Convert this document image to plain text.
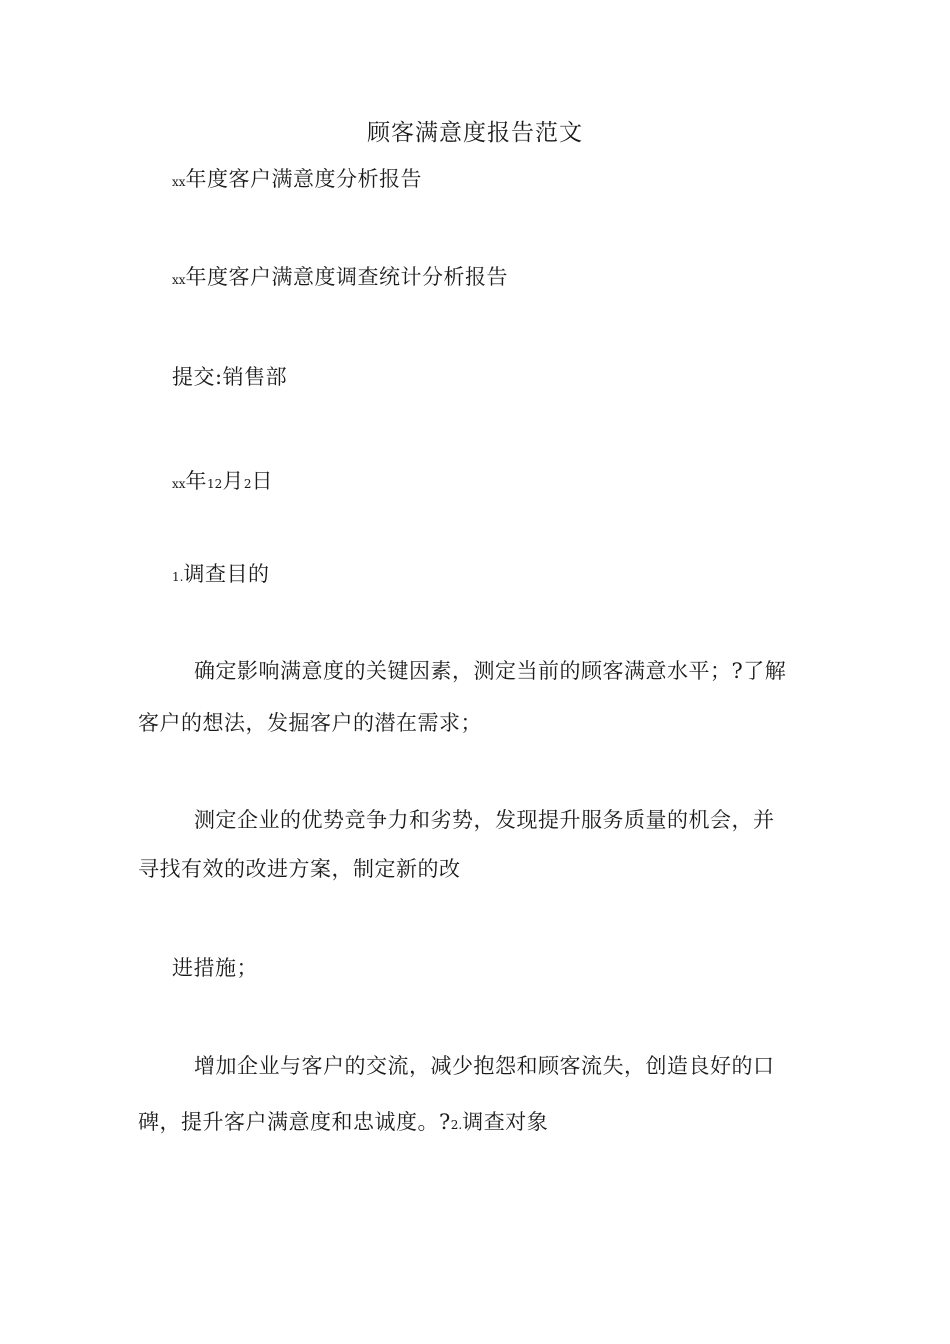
顾客满意度报告范文
xx年度客户满意度分析报告
xx年度客户满意度调查统计分析报告
提交:销售部
xx年12月2日
1.调查目的
确定影响满意度的关键因素，测定当前的顾客满意水平；?了解
客户的想法，发掘客户的潜在需求；
测定企业的优势竞争力和劣势，发现提升服务质量的机会，并
寻找有效的改进方案，制定新的改
进措施；
增加企业与客户的交流，减少抱怨和顾客流失，创造良好的口
碑，提升客户满意度和忠诚度。?2.调查对象
